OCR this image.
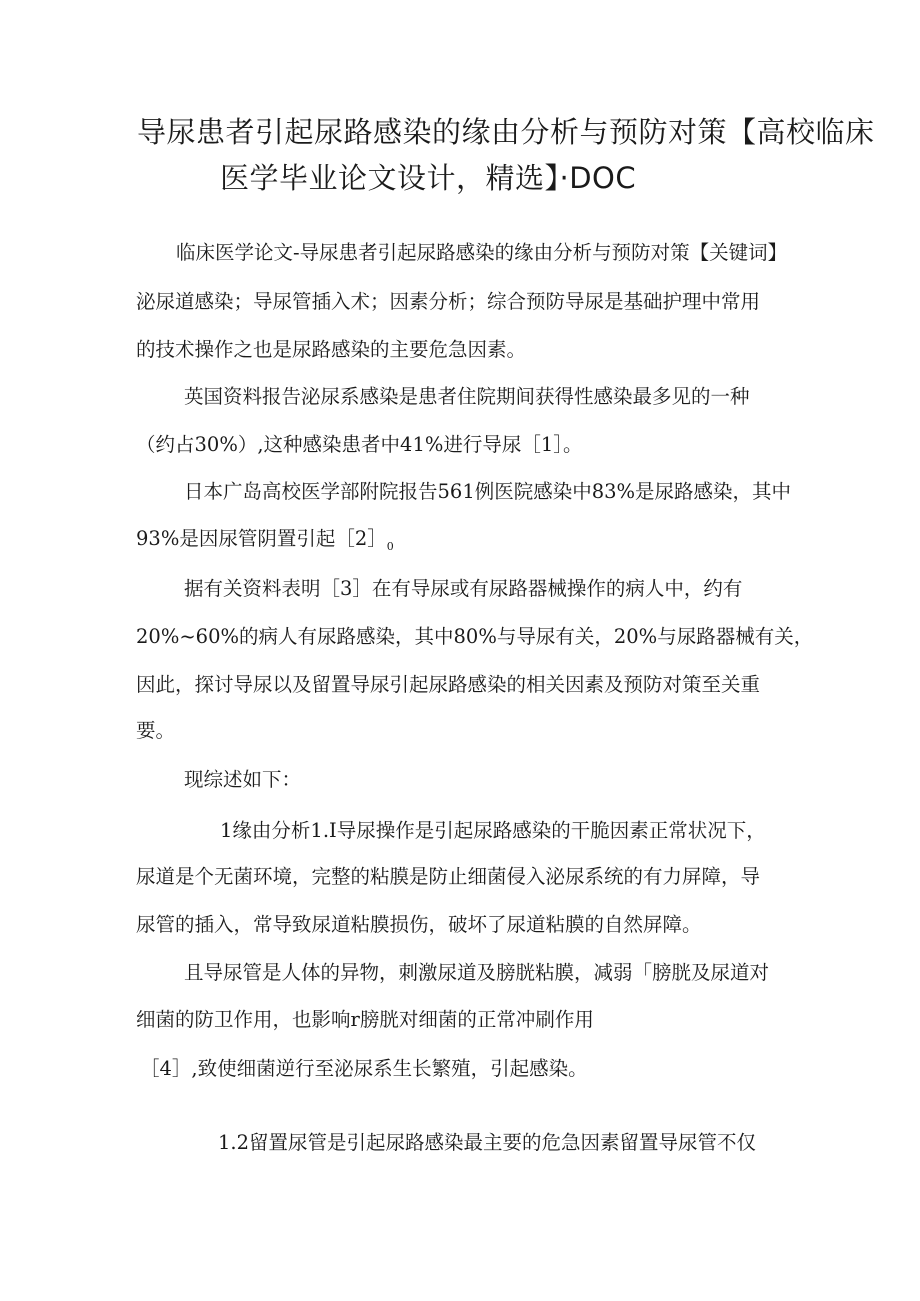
导尿患者引起尿路感染的缘由分析与预防对策【高校临床
医学毕业论文设计，精选】·DOC
临床医学论文-导尿患者引起尿路感染的缘由分析与预防对策【关键词】
泌尿道感染；导尿管插入术；因素分析；综合预防导尿是基础护理中常用
的技术操作之也是尿路感染的主要危急因素。
英国资料报告泌尿系感染是患者住院期间获得性感染最多见的一种
（约占30%）,这种感染患者中41%进行导尿［1］。
日本广岛高校医学部附院报告561例医院感染中83%是尿路感染，其中
93%是因尿管阴置引起$[2]_0$
据有关资料表明［3］在有导尿或有尿路器械操作的病人中，约有
20%~60%的病人有尿路感染，其中80%与导尿有关，20%与尿路器械有关，
因此，探讨导尿以及留置导尿引起尿路感染的相关因素及预防对策至关重
要。
现综述如下：
1缘由分析1.I导尿操作是引起尿路感染的干脆因素正常状况下，
尿道是个无菌环境，完整的粘膜是防止细菌侵入泌尿系统的有力屏障，导
尿管的插入，常导致尿道粘膜损伤，破坏了尿道粘膜的自然屏障。
且导尿管是人体的异物，刺激尿道及膀胱粘膜，减弱「膀胱及尿道对
细菌的防卫作用，也影响r膀胱对细菌的正常冲刷作用
［4］,致使细菌逆行至泌尿系生长繁殖，引起感染。
1.2留置尿管是引起尿路感染最主要的危急因素留置导尿管不仅
